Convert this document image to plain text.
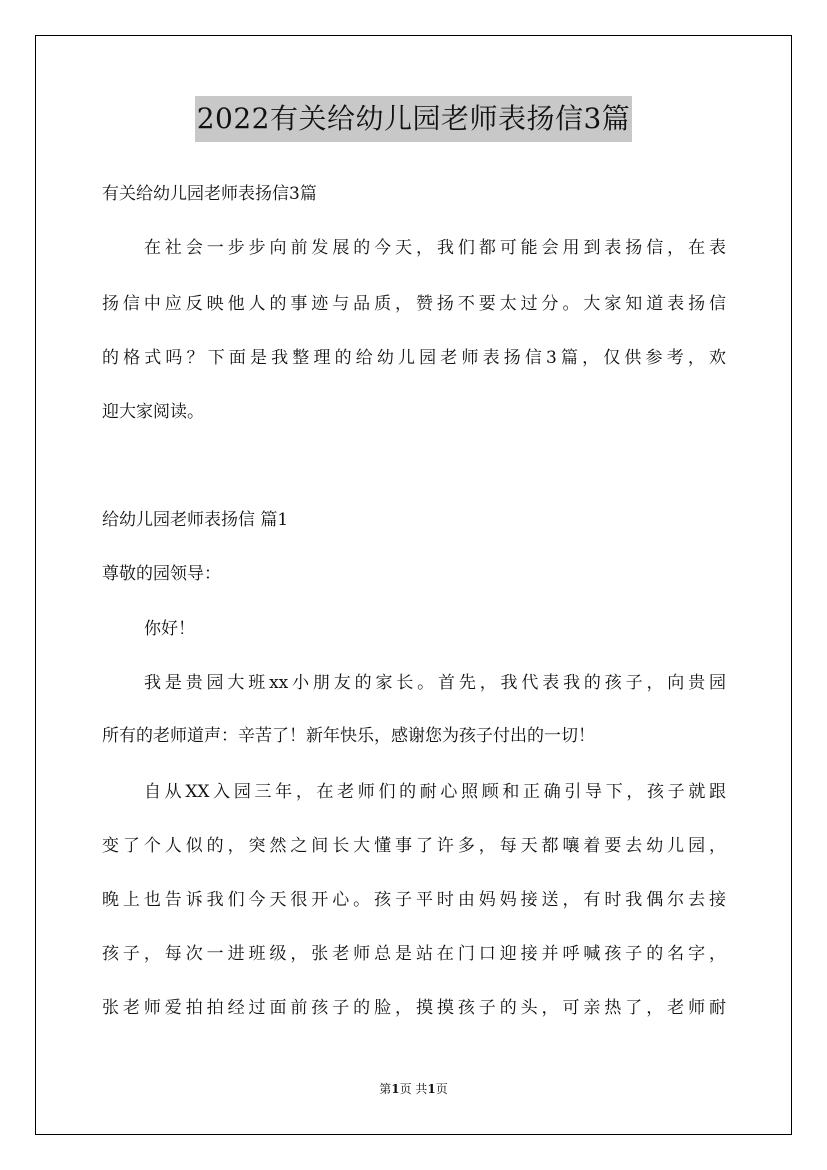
2022有关给幼儿园老师表扬信3篇
有关给幼儿园老师表扬信3篇
在社会一步步向前发展的今天，我们都可能会用到表扬信，在表
扬信中应反映他人的事迹与品质，赞扬不要太过分。大家知道表扬信
的格式吗？下面是我整理的给幼儿园老师表扬信3篇，仅供参考，欢
迎大家阅读。
给幼儿园老师表扬信 篇1
尊敬的园领导：
你好！
我是贵园大班xx小朋友的家长。首先，我代表我的孩子，向贵园
所有的老师道声：辛苦了！新年快乐，感谢您为孩子付出的一切！
自从XX入园三年，在老师们的耐心照顾和正确引导下，孩子就跟
变了个人似的，突然之间长大懂事了许多，每天都嚷着要去幼儿园，
晚上也告诉我们今天很开心。孩子平时由妈妈接送，有时我偶尔去接
孩子，每次一进班级，张老师总是站在门口迎接并呼喊孩子的名字，
张老师爱拍拍经过面前孩子的脸，摸摸孩子的头，可亲热了，老师耐
第1页 共1页
